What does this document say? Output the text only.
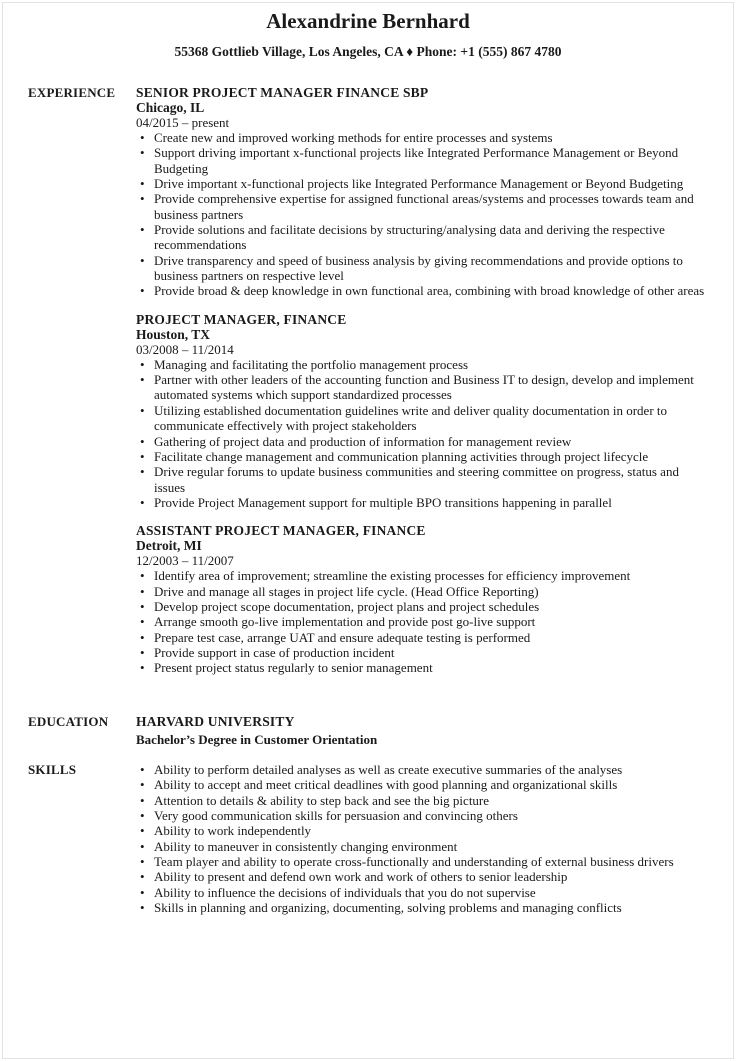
Alexandrine Bernhard
55368 Gottlieb Village, Los Angeles, CA ♦ Phone: +1 (555) 867 4780
EXPERIENCE SENIOR PROJECT MANAGER FINANCE SBP
Chicago, IL
04/2015 – present
• Create new and improved working methods for entire processes and systems
• Support driving important x-functional projects like Integrated Performance Management or Beyond Budgeting
• Drive important x-functional projects like Integrated Performance Management or Beyond Budgeting
• Provide comprehensive expertise for assigned functional areas/systems and processes towards team and business partners
• Provide solutions and facilitate decisions by structuring/analysing data and deriving the respective recommendations
• Drive transparency and speed of business analysis by giving recommendations and provide options to business partners on respective level
• Provide broad & deep knowledge in own functional area, combining with broad knowledge of other areas
PROJECT MANAGER, FINANCE
Houston, TX
03/2008 – 11/2014
• Managing and facilitating the portfolio management process
• Partner with other leaders of the accounting function and Business IT to design, develop and implement automated systems which support standardized processes
• Utilizing established documentation guidelines write and deliver quality documentation in order to communicate effectively with project stakeholders
• Gathering of project data and production of information for management review
• Facilitate change management and communication planning activities through project lifecycle
• Drive regular forums to update business communities and steering committee on progress, status and issues
• Provide Project Management support for multiple BPO transitions happening in parallel
ASSISTANT PROJECT MANAGER, FINANCE
Detroit, MI
12/2003 – 11/2007
• Identify area of improvement; streamline the existing processes for efficiency improvement
• Drive and manage all stages in project life cycle. (Head Office Reporting)
• Develop project scope documentation, project plans and project schedules
• Arrange smooth go-live implementation and provide post go-live support
• Prepare test case, arrange UAT and ensure adequate testing is performed
• Provide support in case of production incident
• Present project status regularly to senior management
EDUCATION HARVARD UNIVERSITY
Bachelor’s Degree in Customer Orientation
SKILLS	• Ability to perform detailed analyses as well as create executive summaries of the analyses
• Ability to accept and meet critical deadlines with good planning and organizational skills
• Attention to details & ability to step back and see the big picture
• Very good communication skills for persuasion and convincing others
• Ability to work independently
• Ability to maneuver in consistently changing environment
• Team player and ability to operate cross-functionally and understanding of external business drivers
• Ability to present and defend own work and work of others to senior leadership
• Ability to influence the decisions of individuals that you do not supervise
• Skills in planning and organizing, documenting, solving problems and managing conflicts
